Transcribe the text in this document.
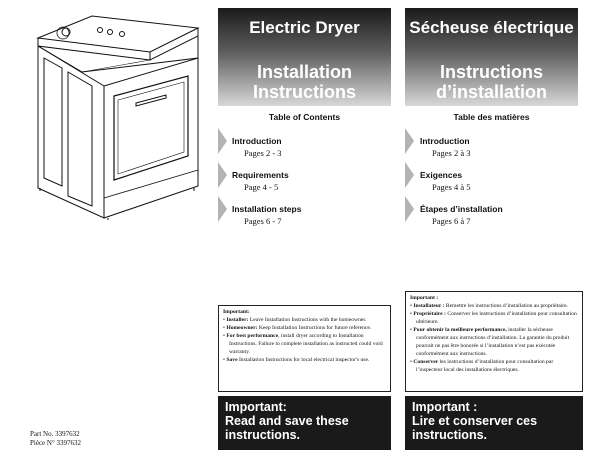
Part No. 3397632
Pièce N° 3397632
Electric Dryer
Installation
Instructions
Table of Contents
Introduction
Pages 2 - 3
Requirements
Page 4 - 5
Installation steps
Pages 6 - 7
Important:
• Installer: Leave Installation Instructions with the homeowner.
• Homeowner: Keep Installation Instructions for future reference.
• For best performance, install dryer according to Installation Instructions. Failure to complete installation as instructed could void warranty.
• Save Installation Instructions for local electrical inspector's use.
Important:
Read and save these
instructions.
Sécheuse électrique
Instructions
d’installation
Table des matières
Introduction
Pages 2 à 3
Exigences
Pages 4 à 5
Étapes d’installation
Pages 6 à 7
Important :
• Installateur : Remettre les instructions d’installation au propriétaire.
• Propriétaire : Conserver les instructions d’installation pour consultation ultérieure.
• Pour obtenir la meilleure performance, installer la sécheuse conformément aux instructions d’installation. La garantie du produit pourrait ne pas être honorée si l’installation n’est pas exécutée conformément aux instructions.
• Conserver les instructions d’installation pour consultation par l’inspecteur local des installations électriques.
Important :
Lire et conserver ces
instructions.
